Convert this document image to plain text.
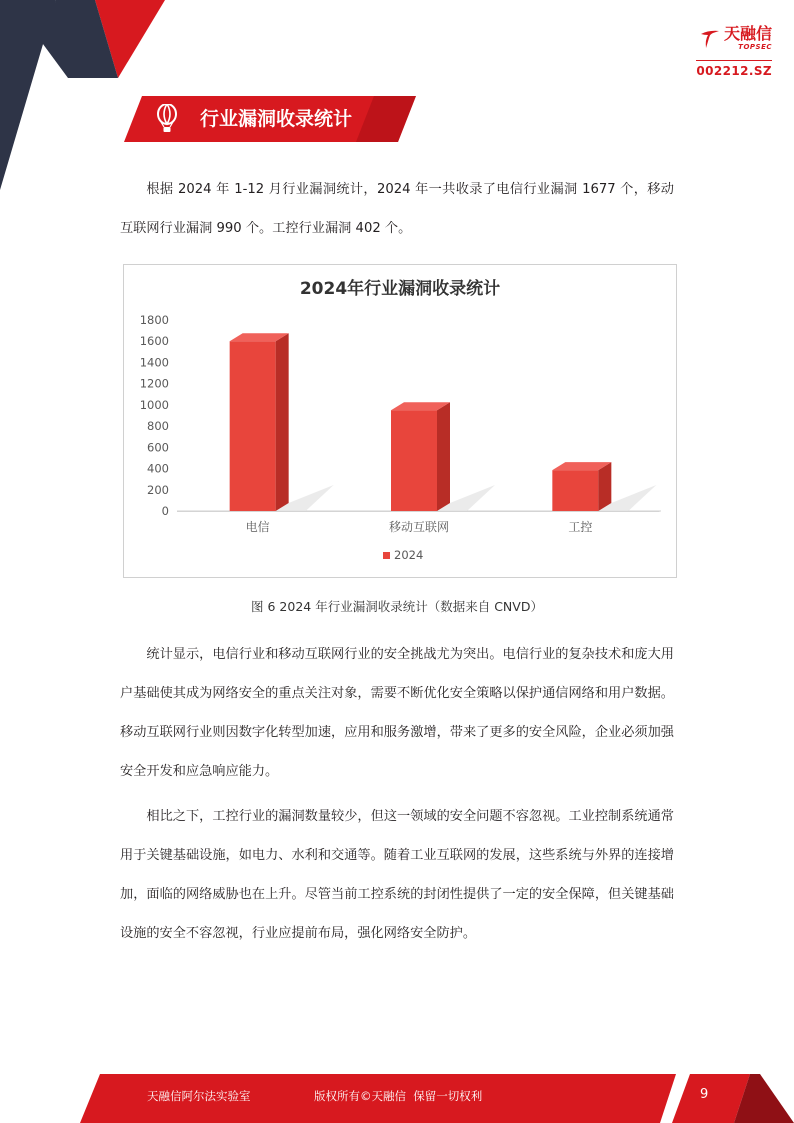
天融信
TOPSEC
002212.SZ
行业漏洞收录统计
根据 2024 年 1-12 月行业漏洞统计，2024 年一共收录了电信行业漏洞 1677 个，移动互联网行业漏洞 990 个。工控行业漏洞 402 个。
2024年行业漏洞收录统计
0
200
400
600
800
1000
1200
1400
1600
1800
电信	移动互联网	工控
2024
图 6 2024 年行业漏洞收录统计（数据来自 CNVD）
统计显示，电信行业和移动互联网行业的安全挑战尤为突出。电信行业的复杂技术和庞大用户基础使其成为网络安全的重点关注对象，需要不断优化安全策略以保护通信网络和用户数据。移动互联网行业则因数字化转型加速，应用和服务激增，带来了更多的安全风险，企业必须加强安全开发和应急响应能力。
相比之下，工控行业的漏洞数量较少，但这一领域的安全问题不容忽视。工业控制系统通常用于关键基础设施，如电力、水利和交通等。随着工业互联网的发展，这些系统与外界的连接增加，面临的网络威胁也在上升。尽管当前工控系统的封闭性提供了一定的安全保障，但关键基础设施的安全不容忽视，行业应提前布局，强化网络安全防护。
天融信阿尔法实验室	版权所有©天融信  保留一切权利	9
